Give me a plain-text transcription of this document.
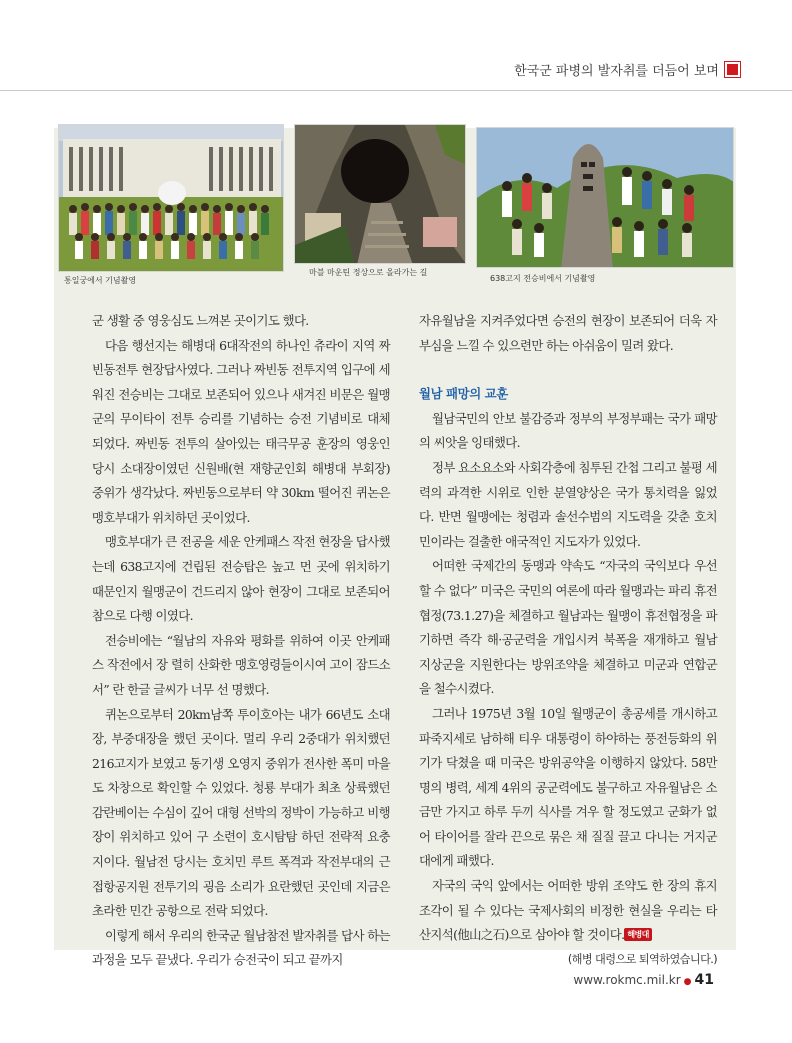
한국군 파병의 발자취를 더듬어 보며
통일궁에서 기념촬영
마블 마운틴 정상으로 올라가는 길
638고지 전승비에서 기념촬영

군 생활 중 영웅심도 느껴본 곳이기도 했다.

다음 행선지는 해병대 6대작전의 하나인 츄라이 지역 짜빈동전투 현장답사였다. 그러나 짜빈동 전투지역 입구에 세워진 전승비는 그대로 보존되어 있으나 새겨진 비문은 월맹군의 무이타이 전투 승리를 기념하는 승전 기념비로 대체 되었다. 짜빈동 전투의 살아있는 태극무공 훈장의 영웅인 당시 소대장이였던 신원배(현 재향군인회 해병대 부회장) 중위가 생각났다. 짜빈동으로부터 약 30km 떨어진 퀴논은 맹호부대가 위치하던 곳이었다.

맹호부대가 큰 전공을 세운 안케패스 작전 현장을 답사했는데 638고지에 건립된 전승탑은 높고 먼 곳에 위치하기 때문인지 월맹군이 건드리지 않아 현장이 그대로 보존되어 참으로 다행 이였다.

전승비에는 “월남의 자유와 평화를 위하여 이곳 안케패스 작전에서 장 렬히 산화한 맹호영령들이시여 고이 잠드소서” 란 한글 글씨가 너무 선 명했다.

퀴논으로부터 20km남쪽 투이호아는 내가 66년도 소대장, 부중대장을 했던 곳이다. 멀리 우리 2중대가 위치했던 216고지가 보였고 동기생 오영지 중위가 전사한 폭미 마을도 차창으로 확인할 수 있었다. 청룡 부대가 최초 상륙했던 감란베이는 수심이 깊어 대형 선박의 정박이 가능하고 비행장이 위치하고 있어 구 소련이 호시탐탐 하던 전략적 요충지이다. 월남전 당시는 호치민 루트 폭격과 작전부대의 근접항공지원 전투기의 굉음 소리가 요란했던 곳인데 지금은 초라한 민간 공항으로 전락 되었다.

이렇게 해서 우리의 한국군 월남참전 발자취를 답사 하는 과정을 모두 끝냈다. 우리가 승전국이 되고 끝까지

자유월남을 지켜주었다면 승전의 현장이 보존되어 더욱 자부심을 느낄 수 있으련만 하는 아쉬움이 밀려 왔다.

월남 패망의 교훈

월남국민의 안보 불감증과 정부의 부정부패는 국가 패망의 씨앗을 잉태했다.

정부 요소요소와 사회각층에 침투된 간첩 그리고 불평 세력의 과격한 시위로 인한 분열양상은 국가 통치력을 잃었다. 반면 월맹에는 청렴과 솔선수범의 지도력을 갖춘 호치민이라는 걸출한 애국적인 지도자가 있었다.

어떠한 국제간의 동맹과 약속도 “자국의 국익보다 우선할 수 없다” 미국은 국민의 여론에 따라 월맹과는 파리 휴전협정(73.1.27)을 체결하고 월남과는 월맹이 휴전협정을 파기하면 즉각 해·공군력을 개입시켜 북폭을 재개하고 월남 지상군을 지원한다는 방위조약을 체결하고 미군과 연합군을 철수시켰다.

그러나 1975년 3월 10일 월맹군이 총공세를 개시하고 파죽지세로 남하해 티우 대통령이 하야하는 풍전등화의 위기가 닥쳤을 때 미국은 방위공약을 이행하지 않았다. 58만 명의 병력, 세계 4위의 공군력에도 불구하고 자유월남은 소금만 가지고 하루 두끼 식사를 겨우 할 정도였고 군화가 없어 타이어를 잘라 끈으로 묶은 채 질질 끌고 다니는 거지군대에게 패했다.

자국의 국익 앞에서는 어떠한 방위 조약도 한 장의 휴지 조각이 될 수 있다는 국제사회의 비정한 현실을 우리는 타산지석(他山之石)으로 삼아야 할 것이다. 해병대

(해병 대령으로 퇴역하였습니다.)

www.rokmc.mil.kr ● 41
